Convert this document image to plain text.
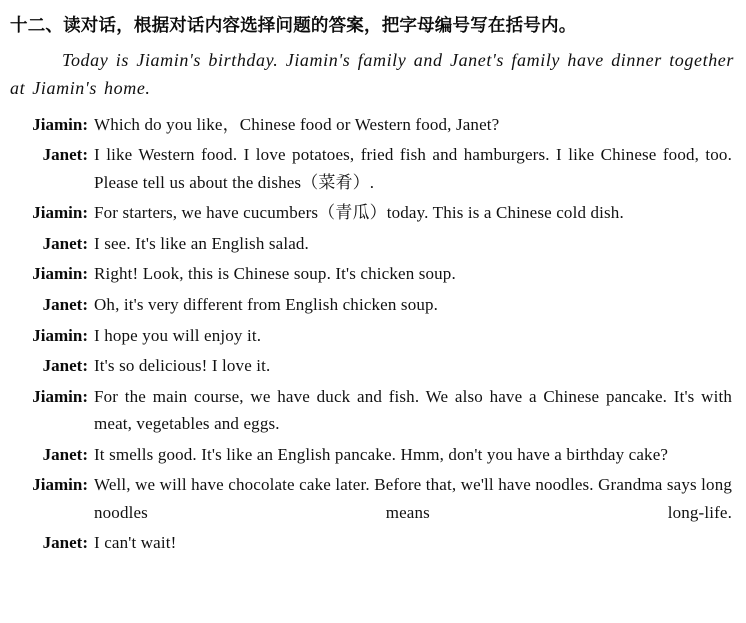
十二、读对话，根据对话内容选择问题的答案，把字母编号写在括号内。

Today is Jiamin's birthday. Jiamin's family and Janet's family have dinner together at Jiamin's home.

Jiamin: Which do you like，Chinese food or Western food, Janet?
Janet: I like Western food. I love potatoes, fried fish and hamburgers. I like Chinese food, too. Please tell us about the dishes（菜肴）.
Jiamin: For starters, we have cucumbers（青瓜）today. This is a Chinese cold dish.
Janet: I see. It's like an English salad.
Jiamin: Right! Look, this is Chinese soup. It's chicken soup.
Janet: Oh, it's very different from English chicken soup.
Jiamin: I hope you will enjoy it.
Janet: It's so delicious! I love it.
Jiamin: For the main course, we have duck and fish. We also have a Chinese pancake. It's with meat, vegetables and eggs.
Janet: It smells good. It's like an English pancake. Hmm, don't you have a birthday cake?
Jiamin: Well, we will have chocolate cake later. Before that, we'll have noodles. Grandma says long noodles means long-life.
Janet: I can't wait!
